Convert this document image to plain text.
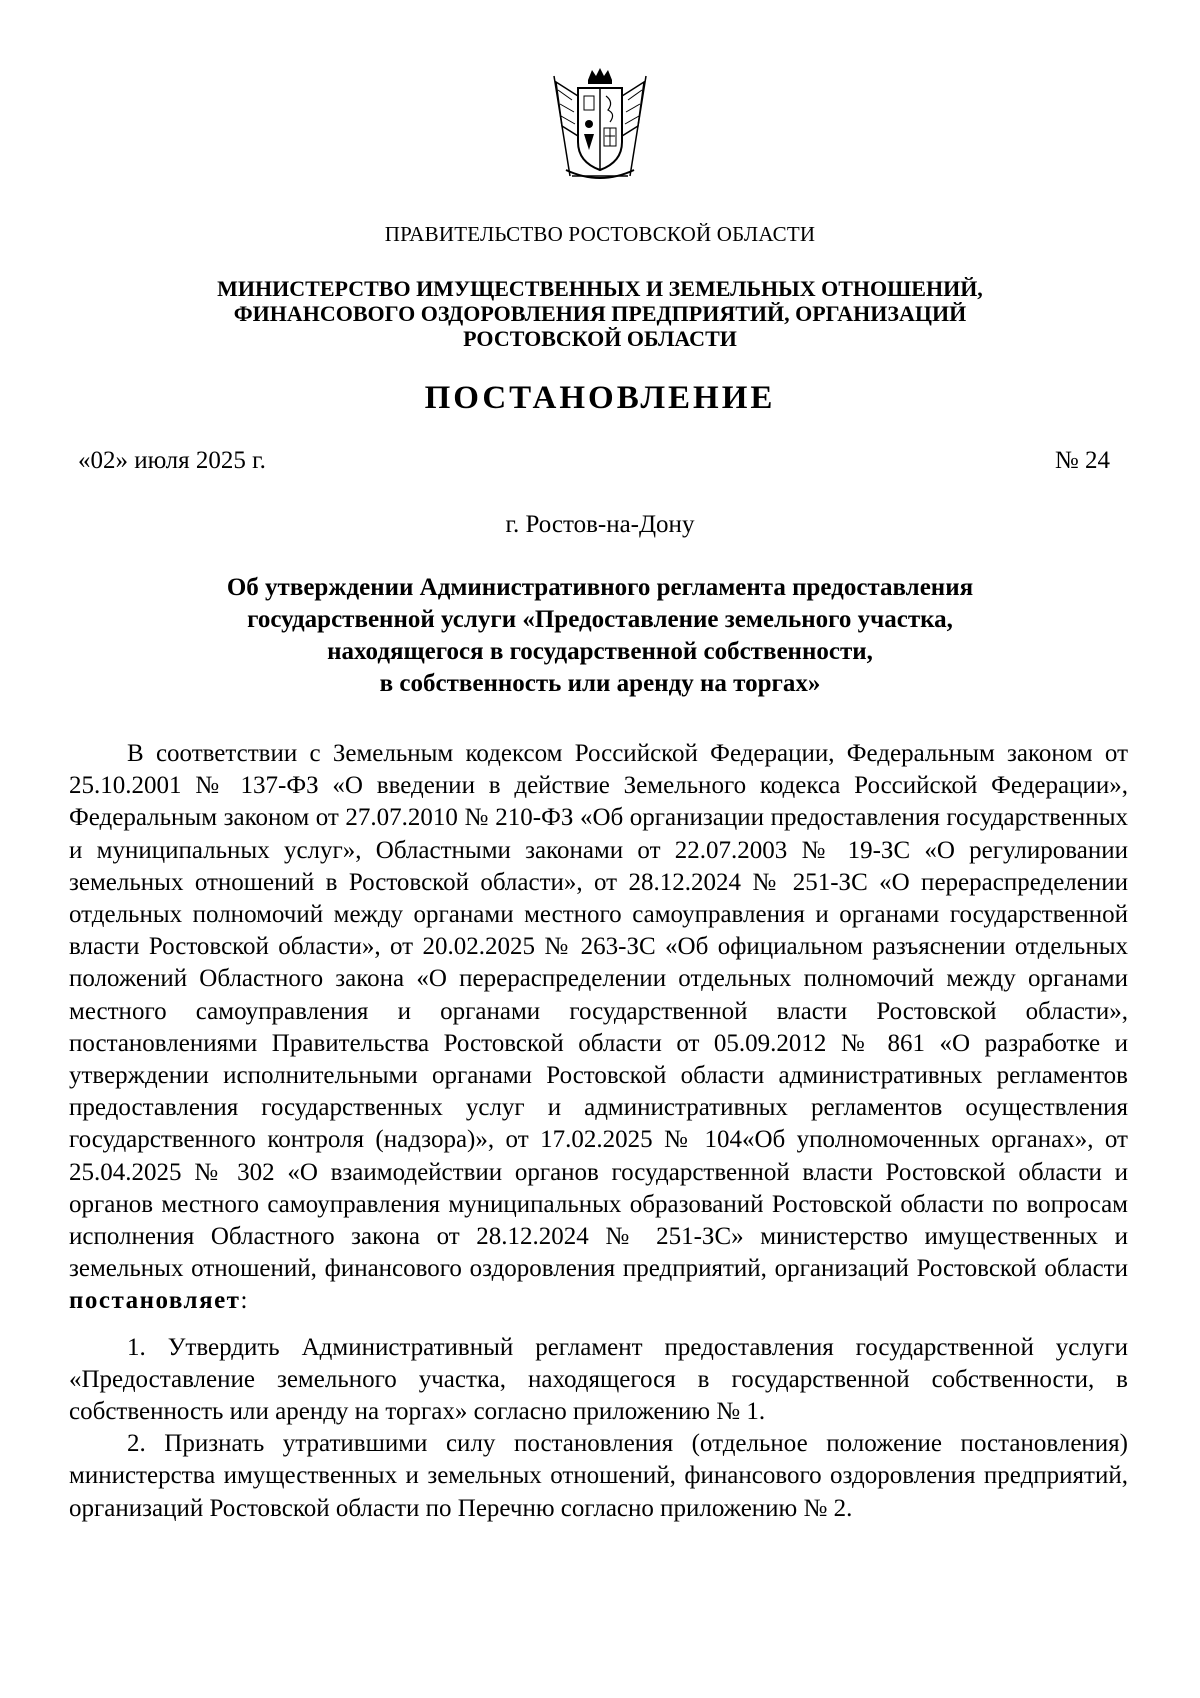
ПРАВИТЕЛЬСТВО РОСТОВСКОЙ ОБЛАСТИ
МИНИСТЕРСТВО ИМУЩЕСТВЕННЫХ И ЗЕМЕЛЬНЫХ ОТНОШЕНИЙ,
ФИНАНСОВОГО ОЗДОРОВЛЕНИЯ ПРЕДПРИЯТИЙ, ОРГАНИЗАЦИЙ
РОСТОВСКОЙ ОБЛАСТИ
ПОСТАНОВЛЕНИЕ
«02» июля 2025 г.	№ 24
г. Ростов-на-Дону
Об утверждении Административного регламента предоставления
государственной услуги «Предоставление земельного участка,
находящегося в государственной собственности,
в собственность или аренду на торгах»

В соответствии с Земельным кодексом Российской Федерации, Федеральным законом от 25.10.2001 № 137-ФЗ «О введении в действие Земельного кодекса Российской Федерации», Федеральным законом от 27.07.2010 № 210-ФЗ «Об организации предоставления государственных и муниципальных услуг», Областными законами от 22.07.2003 № 19-ЗС «О регулировании земельных отношений в Ростовской области», от 28.12.2024 № 251-ЗС «О перераспределении отдельных полномочий между органами местного самоуправления и органами государственной власти Ростовской области», от 20.02.2025 № 263-ЗС «Об официальном разъяснении отдельных положений Областного закона «О перераспределении отдельных полномочий между органами местного самоуправления и органами государственной власти Ростовской области», постановлениями Правительства Ростовской области от 05.09.2012 № 861 «О разработке и утверждении исполнительными органами Ростовской области административных регламентов предоставления государственных услуг и административных регламентов осуществления государственного контроля (надзора)», от 17.02.2025 № 104«Об уполномоченных органах», от 25.04.2025 № 302 «О взаимодействии органов государственной власти Ростовской области и органов местного самоуправления муниципальных образований Ростовской области по вопросам исполнения Областного закона от 28.12.2024 № 251-ЗС» министерство имущественных и земельных отношений, финансового оздоровления предприятий, организаций Ростовской области постановляет:

1. Утвердить Административный регламент предоставления государственной услуги «Предоставление земельного участка, находящегося в государственной собственности, в собственность или аренду на торгах» согласно приложению № 1.

2. Признать утратившими силу постановления (отдельное положение постановления) министерства имущественных и земельных отношений, финансового оздоровления предприятий, организаций Ростовской области по Перечню согласно приложению № 2.
